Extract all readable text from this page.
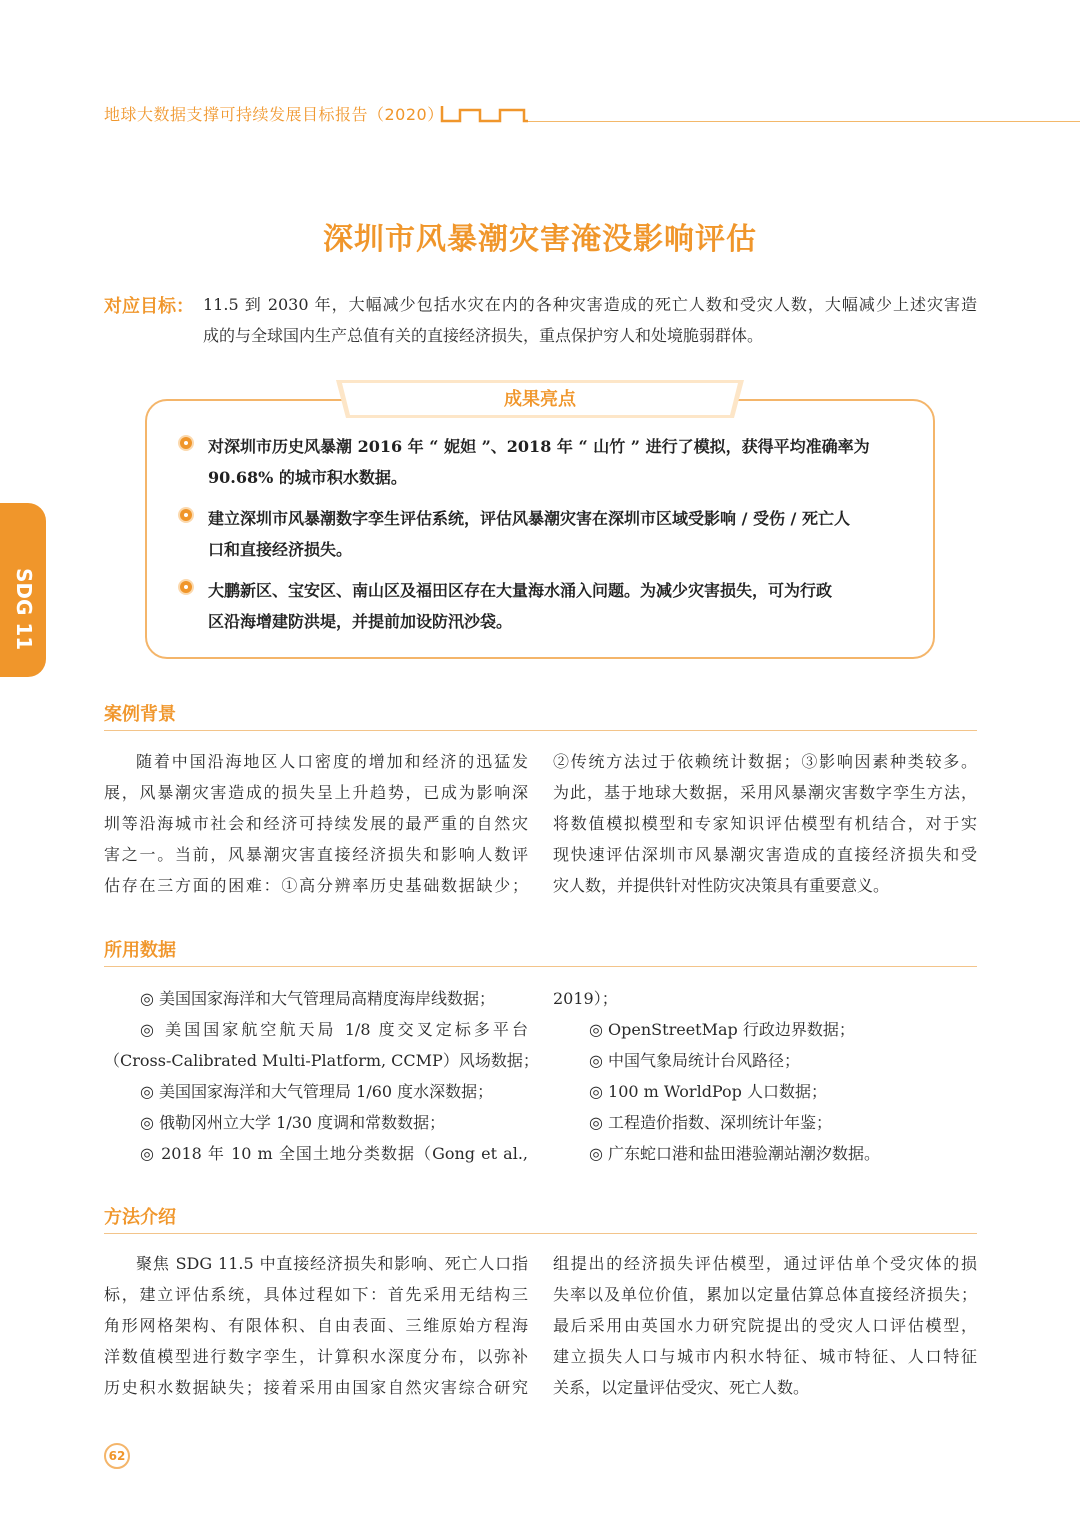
地球大数据支撑可持续发展目标报告（2020）
深圳市风暴潮灾害淹没影响评估
对应目标： 11.5 到 2030 年，大幅减少包括水灾在内的各种灾害造成的死亡人数和受灾人数，大幅减少上述灾害造
成的与全球国内生产总值有关的直接经济损失，重点保护穷人和处境脆弱群体。
成果亮点
对深圳市历史风暴潮 2016 年 “ 妮妲 ”、2018 年 “ 山竹 ” 进行了模拟，获得平均准确率为
90.68% 的城市积水数据。
建立深圳市风暴潮数字孪生评估系统，评估风暴潮灾害在深圳市区域受影响 / 受伤 / 死亡人
口和直接经济损失。
大鹏新区、宝安区、南山区及福田区存在大量海水涌入问题。为减少灾害损失，可为行政
区沿海增建防洪堤，并提前加设防汛沙袋。
SDG 11
案例背景

随着中国沿海地区人口密度的增加和经济的迅猛发

展，风暴潮灾害造成的损失呈上升趋势，已成为影响深

圳等沿海城市社会和经济可持续发展的最严重的自然灾

害之一。当前，风暴潮灾害直接经济损失和影响人数评

估存在三方面的困难：①高分辨率历史基础数据缺少；

②传统方法过于依赖统计数据；③影响因素种类较多。

为此，基于地球大数据，采用风暴潮灾害数字孪生方法，

将数值模拟模型和专家知识评估模型有机结合，对于实

现快速评估深圳市风暴潮灾害造成的直接经济损失和受

灾人数，并提供针对性防灾决策具有重要意义。

所用数据

◎ 美国国家海洋和大气管理局高精度海岸线数据；

◎ 美国国家航空航天局 1/8 度交叉定标多平台

（Cross-Calibrated Multi-Platform, CCMP）风场数据；

◎ 美国国家海洋和大气管理局 1/60 度水深数据；

◎ 俄勒冈州立大学 1/30 度调和常数数据；

◎ 2018 年 10 m 全国土地分类数据（Gong et al.,

2019）；

◎ OpenStreetMap 行政边界数据；

◎ 中国气象局统计台风路径；

◎ 100 m WorldPop 人口数据；

◎ 工程造价指数、深圳统计年鉴；

◎ 广东蛇口港和盐田港验潮站潮汐数据。

方法介绍

聚焦 SDG 11.5 中直接经济损失和影响、死亡人口指

标，建立评估系统，具体过程如下：首先采用无结构三

角形网格架构、有限体积、自由表面、三维原始方程海

洋数值模型进行数字孪生，计算积水深度分布，以弥补

历史积水数据缺失；接着采用由国家自然灾害综合研究

组提出的经济损失评估模型，通过评估单个受灾体的损

失率以及单位价值，累加以定量估算总体直接经济损失；

最后采用由英国水力研究院提出的受灾人口评估模型，

建立损失人口与城市内积水特征、城市特征、人口特征

关系，以定量评估受灾、死亡人数。

62
